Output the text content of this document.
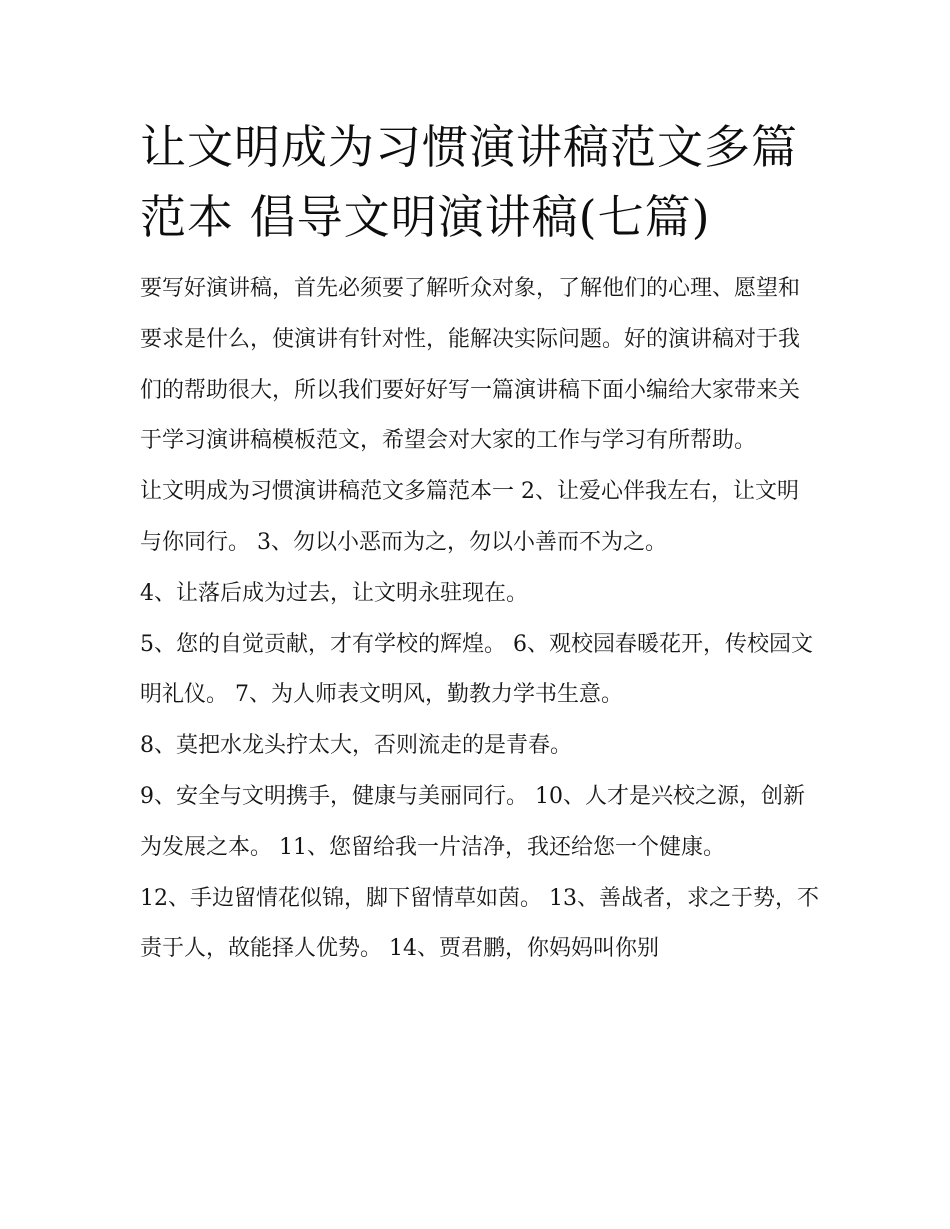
让文明成为习惯演讲稿范文多篇范本 倡导文明演讲稿(七篇)

要写好演讲稿，首先必须要了解听众对象，了解他们的心理、愿望和要求是什么，使演讲有针对性，能解决实际问题。好的演讲稿对于我们的帮助很大，所以我们要好好写一篇演讲稿下面小编给大家带来关于学习演讲稿模板范文，希望会对大家的工作与学习有所帮助。

让文明成为习惯演讲稿范文多篇范本一 2、让爱心伴我左右，让文明与你同行。 3、勿以小恶而为之，勿以小善而不为之。

4、让落后成为过去，让文明永驻现在。

5、您的自觉贡献，才有学校的辉煌。 6、观校园春暖花开，传校园文明礼仪。 7、为人师表文明风，勤教力学书生意。

8、莫把水龙头拧太大，否则流走的是青春。

9、安全与文明携手，健康与美丽同行。 10、人才是兴校之源，创新为发展之本。 11、您留给我一片洁净，我还给您一个健康。

12、手边留情花似锦，脚下留情草如茵。 13、善战者，求之于势，不责于人，故能择人优势。 14、贾君鹏，你妈妈叫你别
